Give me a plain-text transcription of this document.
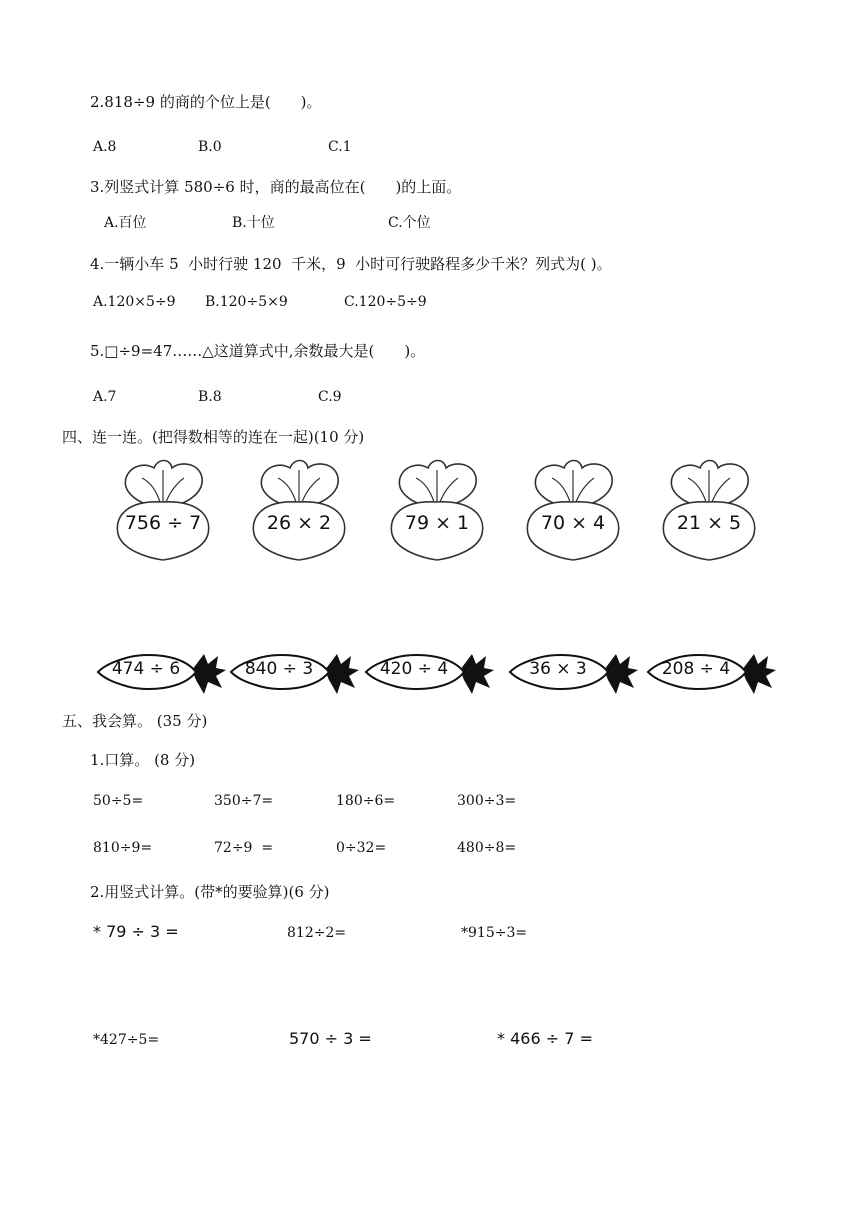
2.818÷9 的商的个位上是(　　)。
A.8	B.0	C.1
3.列竖式计算 580÷6 时，商的最高位在(　　)的上面。
A.百位	B.十位	C.个位
4.一辆小车 5  小时行驶 120  千米，9  小时可行驶路程多少千米？列式为( )。
A.120×5÷9 B.120÷5×9	C.120÷5÷9
5.□÷9=47……△这道算式中,余数最大是(　　)。
A.7	B.8	C.9
四、连一连。(把得数相等的连在一起)(10 分)
756 ÷ 7	26 × 2	79 × 1	70 × 4	21 × 5
474 ÷ 6	840 ÷ 3	420 ÷ 4	36 × 3	208 ÷ 4
五、我会算。 (35 分)
1.口算。 (8 分)
50÷5=	350÷7=	180÷6=	300÷3=
810÷9=	72÷9  =	0÷32=	480÷8=
2.用竖式计算。(带*的要验算)(6 分)
* 79 ÷ 3 =	812÷2=	*915÷3=
*427÷5=	570 ÷ 3 =	* 466 ÷ 7 =
